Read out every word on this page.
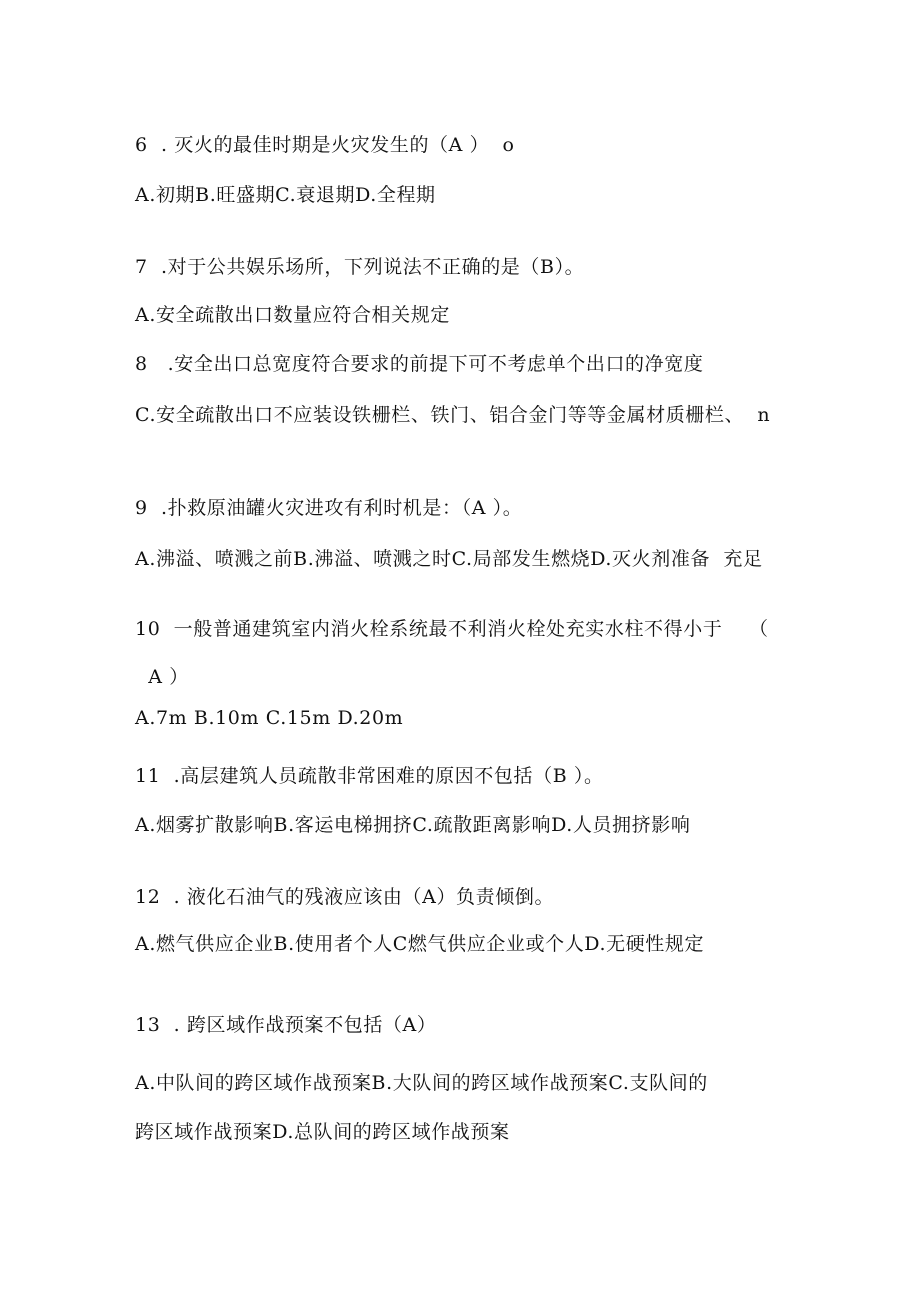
6  . 灭火的最佳时期是火灾发生的（A ）  o
A.初期B.旺盛期C.衰退期D.全程期
7  .对于公共娱乐场所，下列说法不正确的是（B）。
A.安全疏散出口数量应符合相关规定
8   .安全出口总宽度符合要求的前提下可不考虑单个出口的净宽度
C.安全疏散出口不应装设铁栅栏、铁门、铝合金门等等金属材质栅栏、  n
9  .扑救原油罐火灾进攻有利时机是：（A ）。
A.沸溢、喷溅之前B.沸溢、喷溅之时C.局部发生燃烧D.灭火剂准备  充足
10  一般普通建筑室内消火栓系统最不利消火栓处充实水柱不得小于    （
A ）
A.7m B.10m C.15m D.20m
11  .高层建筑人员疏散非常困难的原因不包括（B ）。
A.烟雾扩散影响B.客运电梯拥挤C.疏散距离影响D.人员拥挤影响
12  . 液化石油气的残液应该由（A）负责倾倒。
A.燃气供应企业B.使用者个人C燃气供应企业或个人D.无硬性规定
13  . 跨区域作战预案不包括（A）
A.中队间的跨区域作战预案B.大队间的跨区域作战预案C.支队间的
跨区域作战预案D.总队间的跨区域作战预案
